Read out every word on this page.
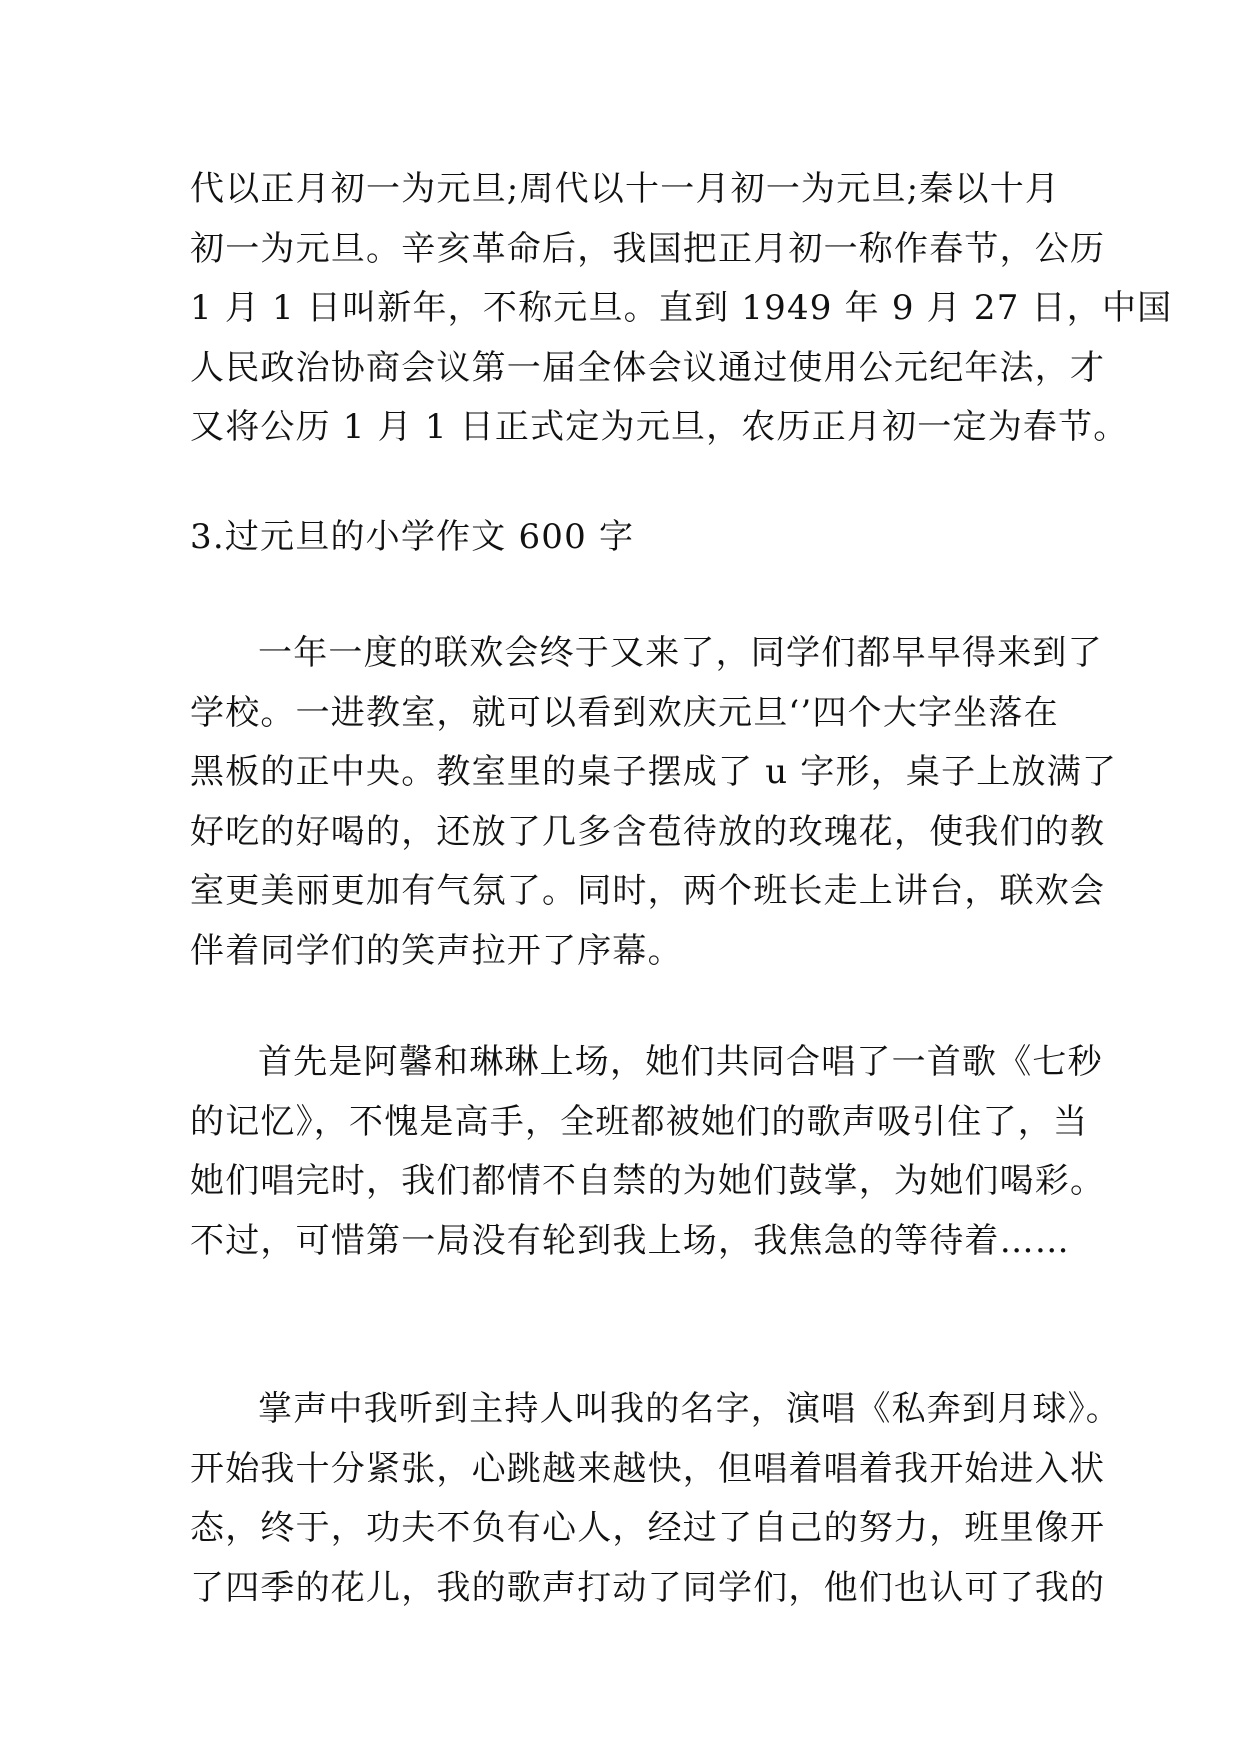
代以正月初一为元旦;周代以十一月初一为元旦;秦以十月
初一为元旦。辛亥革命后，我国把正月初一称作春节，公历
1 月 1 日叫新年，不称元旦。直到 1949 年 9 月 27 日，中国
人民政治协商会议第一届全体会议通过使用公元纪年法，才
又将公历 1 月 1 日正式定为元旦，农历正月初一定为春节。
3.过元旦的小学作文 600 字
一年一度的联欢会终于又来了，同学们都早早得来到了
学校。一进教室，就可以看到欢庆元旦‘’四个大字坐落在
黑板的正中央。教室里的桌子摆成了 u 字形，桌子上放满了
好吃的好喝的，还放了几多含苞待放的玫瑰花，使我们的教
室更美丽更加有气氛了。同时，两个班长走上讲台，联欢会
伴着同学们的笑声拉开了序幕。
首先是阿馨和琳琳上场，她们共同合唱了一首歌《七秒
的记忆》，不愧是高手，全班都被她们的歌声吸引住了，当
她们唱完时，我们都情不自禁的为她们鼓掌，为她们喝彩。
不过，可惜第一局没有轮到我上场，我焦急的等待着……
掌声中我听到主持人叫我的名字，演唱《私奔到月球》。
开始我十分紧张，心跳越来越快，但唱着唱着我开始进入状
态，终于，功夫不负有心人，经过了自己的努力，班里像开
了四季的花儿，我的歌声打动了同学们，他们也认可了我的
